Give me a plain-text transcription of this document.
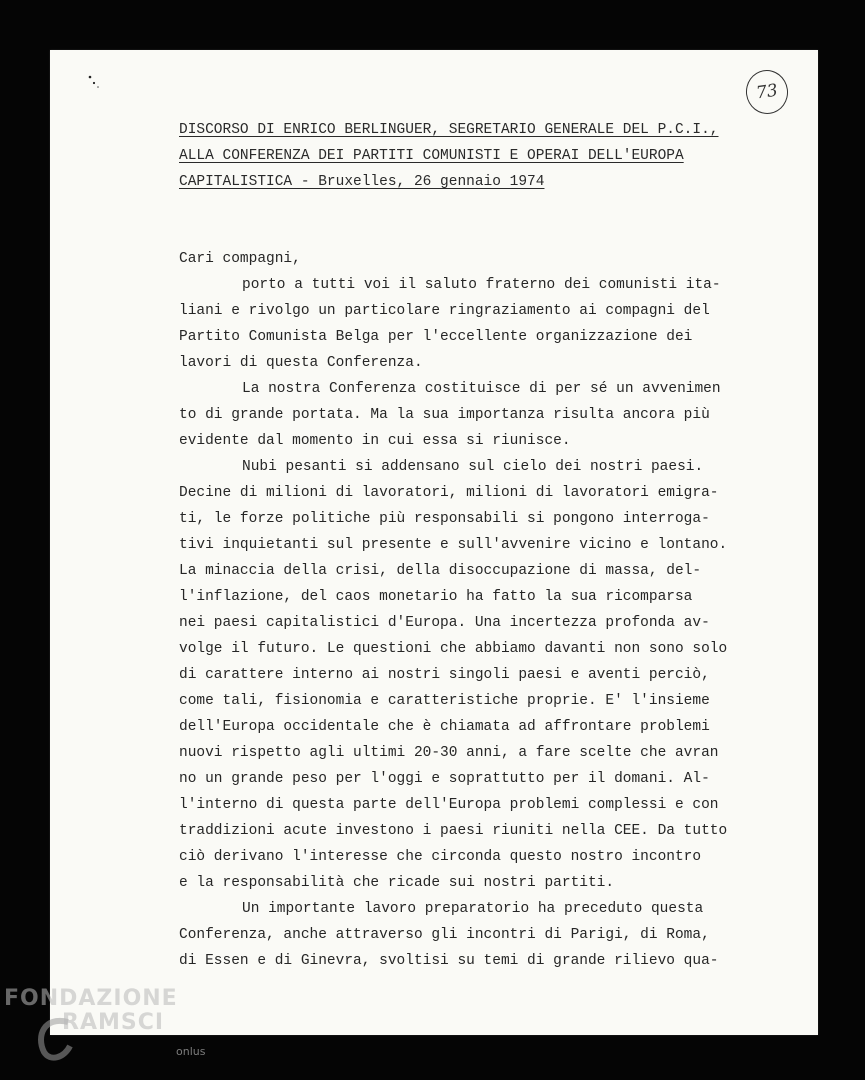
73
DISCORSO DI ENRICO BERLINGUER, SEGRETARIO GENERALE DEL P.C.I.,
ALLA CONFERENZA DEI PARTITI COMUNISTI E OPERAI DELL'EUROPA
CAPITALISTICA - Bruxelles, 26 gennaio 1974
Cari compagni,
porto a tutti voi il saluto fraterno dei comunisti ita-
liani e rivolgo un particolare ringraziamento ai compagni del
Partito Comunista Belga per l'eccellente organizzazione dei
lavori di questa Conferenza.
La nostra Conferenza costituisce di per sé un avvenimen
to di grande portata. Ma la sua importanza risulta ancora più
evidente dal momento in cui essa si riunisce.
Nubi pesanti si addensano sul cielo dei nostri paesi.
Decine di milioni di lavoratori, milioni di lavoratori emigra-
ti, le forze politiche più responsabili si pongono interroga-
tivi inquietanti sul presente e sull'avvenire vicino e lontano.
La minaccia della crisi, della disoccupazione di massa, del-
l'inflazione, del caos monetario ha fatto la sua ricomparsa
nei paesi capitalistici d'Europa. Una incertezza profonda av-
volge il futuro. Le questioni che abbiamo davanti non sono solo
di carattere interno ai nostri singoli paesi e aventi perciò,
come tali, fisionomia e caratteristiche proprie. E' l'insieme
dell'Europa occidentale che è chiamata ad affrontare problemi
nuovi rispetto agli ultimi 20-30 anni, a fare scelte che avran
no un grande peso per l'oggi e soprattutto per il domani. Al-
l'interno di questa parte dell'Europa problemi complessi e con
traddizioni acute investono i paesi riuniti nella CEE. Da tutto
ciò derivano l'interesse che circonda questo nostro incontro
e la responsabilità che ricade sui nostri partiti.
Un importante lavoro preparatorio ha preceduto questa
Conferenza, anche attraverso gli incontri di Parigi, di Roma,
di Essen e di Ginevra, svoltisi su temi di grande rilievo qua-
FONDAZIONE
RAMSCI
onlus
